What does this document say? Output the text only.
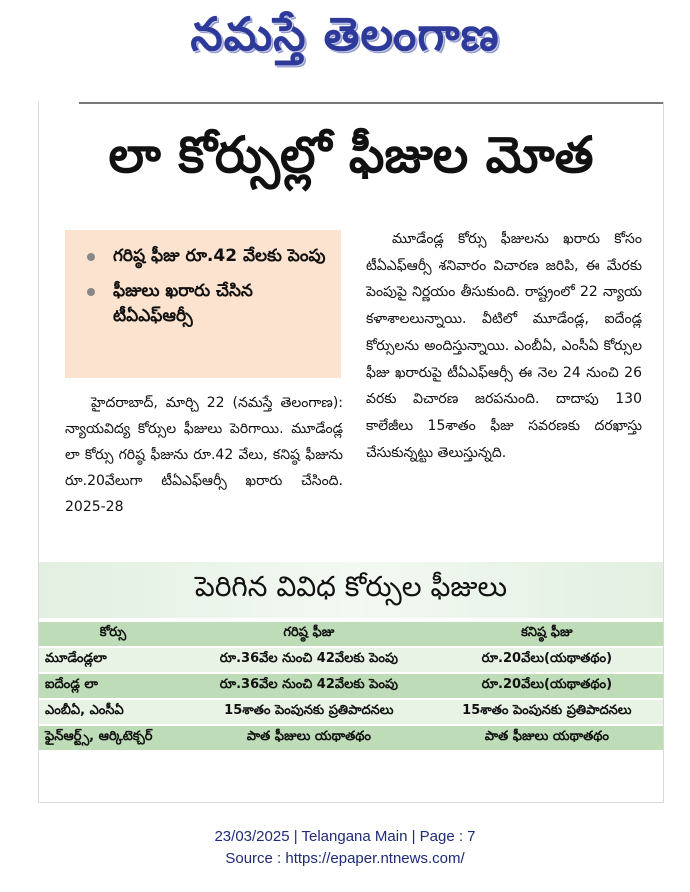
నమస్తే తెలంగాణ
లా కోర్సుల్లో ఫీజుల మోత
గరిష్ఠ ఫీజు రూ.42 వేలకు పెంపు
ఫీజులు ఖరారు చేసిన టీఏఎఫ్ఆర్సీ

హైదరాబాద్, మార్చి 22 (నమస్తే తెలంగాణ): న్యాయవిద్య కోర్సుల ఫీజులు పెరిగాయి. మూడేండ్ల లా కోర్సు గరిష్ఠ ఫీజును రూ.42 వేలు, కనిష్ఠ ఫీజును రూ.20వేలుగా టీఏఎఫ్ఆర్సీ ఖరారు చేసింది. 2025-28

మూడేండ్ల కోర్సు ఫీజులను ఖరారు కోసం టీఏఎఫ్ఆర్సీ శనివారం విచారణ జరిపి, ఈ మేరకు పెంపుపై నిర్ణయం తీసుకుంది. రాష్ట్రంలో 22 న్యాయ కళాశాలలున్నాయి. వీటిలో మూడేండ్ల, ఐదేండ్ల కోర్సులను అందిస్తున్నాయి. ఎంబీఏ, ఎంసీఏ కోర్సుల ఫీజు ఖరారుపై టీఏఎఫ్ఆర్సీ ఈ నెల 24 నుంచి 26 వరకు విచారణ జరపనుంది. దాదాపు 130 కాలేజీలు 15శాతం ఫీజు సవరణకు దరఖాస్తు చేసుకున్నట్టు తెలుస్తున్నది.

పెరిగిన వివిధ కోర్సుల ఫీజులు
కోర్సు	గరిష్ఠ ఫీజు	కనిష్ఠ ఫీజు
మూడేండ్లలా	రూ.36వేల నుంచి 42వేలకు పెంపు	రూ.20వేలు(యథాతథం)
ఐదేండ్ల లా	రూ.36వేల నుంచి 42వేలకు పెంపు	రూ.20వేలు(యథాతథం)
ఎంబీఏ, ఎంసీఏ	15శాతం పెంపునకు ప్రతిపాదనలు	15శాతం పెంపునకు ప్రతిపాదనలు
ఫైన్ఆర్ట్స్, ఆర్కిటెక్చర్	పాత ఫీజులు యథాతథం	పాత ఫీజులు యథాతథం
23/03/2025 | Telangana Main | Page : 7
Source : https://epaper.ntnews.com/
